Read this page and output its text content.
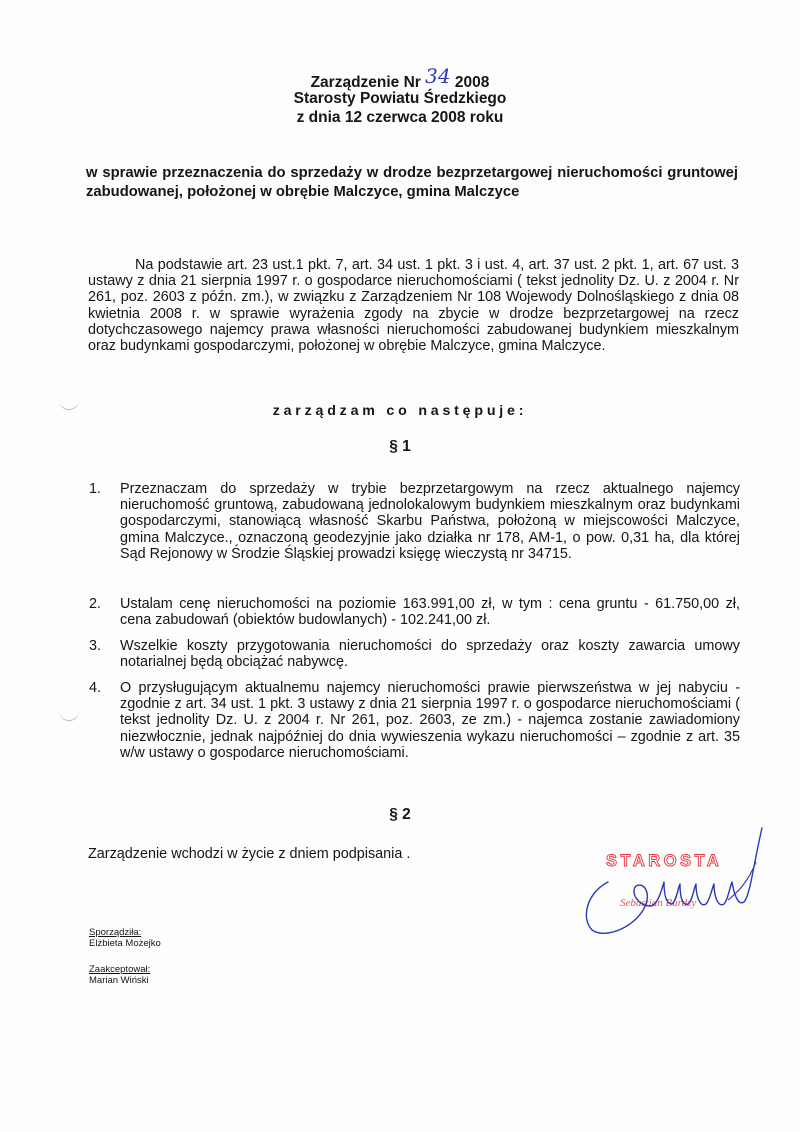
Zarządzenie Nr 34 2008
Starosty Powiatu Średzkiego
z dnia 12 czerwca 2008 roku
w sprawie przeznaczenia do sprzedaży w drodze bezprzetargowej nieruchomości gruntowej zabudowanej, położonej w obrębie Malczyce, gmina Malczyce
Na podstawie art. 23 ust.1 pkt. 7, art. 34 ust. 1 pkt. 3 i ust. 4, art. 37 ust. 2 pkt. 1, art. 67 ust. 3 ustawy z dnia 21 sierpnia 1997 r. o gospodarce nieruchomościami ( tekst jednolity Dz. U. z 2004 r. Nr 261, poz. 2603 z późn. zm.), w związku z Zarządzeniem Nr 108 Wojewody Dolnośląskiego z dnia 08 kwietnia 2008 r. w sprawie wyrażenia zgody na zbycie w drodze bezprzetargowej na rzecz dotychczasowego najemcy prawa własności nieruchomości zabudowanej budynkiem mieszkalnym oraz budynkami gospodarczymi, położonej w obrębie Malczyce, gmina Malczyce.
zarządzam co następuje:
§ 1
1.	Przeznaczam do sprzedaży w trybie bezprzetargowym na rzecz aktualnego najemcy nieruchomość gruntową, zabudowaną jednolokalowym budynkiem mieszkalnym oraz budynkami gospodarczymi, stanowiącą własność Skarbu Państwa, położoną w miejscowości Malczyce, gmina Malczyce., oznaczoną geodezyjnie jako działka nr 178, AM-1, o pow. 0,31 ha, dla której Sąd Rejonowy w Środzie Śląskiej prowadzi księgę wieczystą nr 34715.
2.	Ustalam cenę nieruchomości na poziomie 163.991,00 zł, w tym : cena gruntu - 61.750,00 zł, cena zabudowań (obiektów budowlanych) - 102.241,00 zł.
3.	Wszelkie koszty przygotowania nieruchomości do sprzedaży oraz koszty zawarcia umowy notarialnej będą obciążać nabywcę.
4.	O przysługującym aktualnemu najemcy nieruchomości prawie pierwszeństwa w jej nabyciu - zgodnie z art. 34 ust. 1 pkt. 3 ustawy z dnia 21 sierpnia 1997 r. o gospodarce nieruchomościami ( tekst jednolity Dz. U. z 2004 r. Nr 261, poz. 2603, ze zm.) - najemca zostanie zawiadomiony niezwłocznie, jednak najpóźniej do dnia wywieszenia wykazu nieruchomości – zgodnie z art. 35 w/w ustawy o gospodarce nieruchomościami.
§ 2
Zarządzenie wchodzi w życie z dniem podpisania .	STAROSTA
Sebastian Burdzy
Sporządziła:
Elżbieta Możejko
Zaakceptował:
Marian Wiński
